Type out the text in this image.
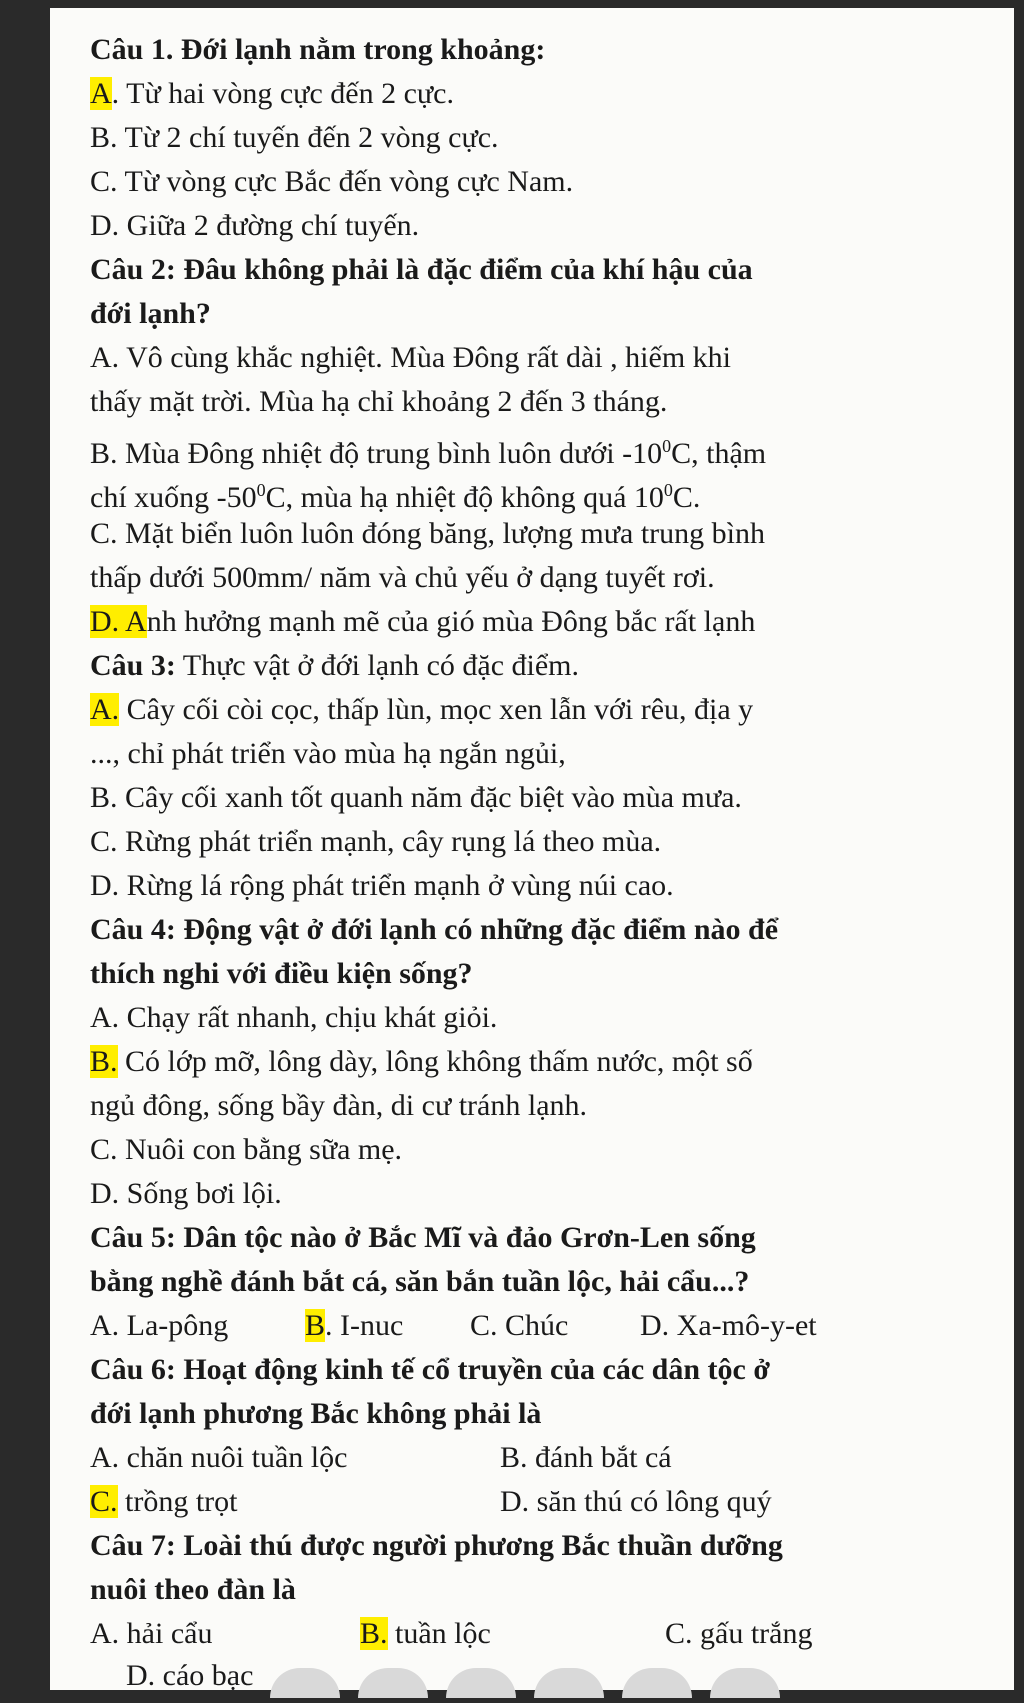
Câu 1. Đới lạnh nằm trong khoảng:
A. Từ hai vòng cực đến 2 cực.
B. Từ 2 chí tuyến đến 2 vòng cực.
C. Từ vòng cực Bắc đến vòng cực Nam.
D. Giữa 2 đường chí tuyến.
Câu 2: Đâu không phải là đặc điểm của khí hậu của
đới lạnh?
A. Vô cùng khắc nghiệt. Mùa Đông rất dài , hiếm khi
thấy mặt trời. Mùa hạ chỉ khoảng 2 đến 3 tháng.
B. Mùa Đông nhiệt độ trung bình luôn dưới $-10^0C$, thậm
chí xuống $-50^0C$, mùa hạ nhiệt độ không quá $10^0C$.
C. Mặt biển luôn luôn đóng băng, lượng mưa trung bình
thấp dưới 500mm/ năm và chủ yếu ở dạng tuyết rơi.
D. Anh hưởng mạnh mẽ của gió mùa Đông bắc rất lạnh
Câu 3: Thực vật ở đới lạnh có đặc điểm.
A. Cây cối còi cọc, thấp lùn, mọc xen lẫn với rêu, địa y
..., chỉ phát triển vào mùa hạ ngắn ngủi,
B. Cây cối xanh tốt quanh năm đặc biệt vào mùa mưa.
C. Rừng phát triển mạnh, cây rụng lá theo mùa.
D. Rừng lá rộng phát triển mạnh ở vùng núi cao.
Câu 4: Động vật ở đới lạnh có những đặc điểm nào để
thích nghi với điều kiện sống?
A. Chạy rất nhanh, chịu khát giỏi.
B. Có lớp mỡ, lông dày, lông không thấm nước, một số
ngủ đông, sống bầy đàn, di cư tránh lạnh.
C. Nuôi con bằng sữa mẹ.
D. Sống bơi lội.
Câu 5: Dân tộc nào ở Bắc Mĩ và đảo Grơn-Len sống
bằng nghề đánh bắt cá, săn bắn tuần lộc, hải cẩu...?
A. La-pông	B. I-nuc C. Chúc D. Xa-mô-y-et
Câu 6: Hoạt động kinh tế cổ truyền của các dân tộc ở
đới lạnh phương Bắc không phải là
A. chăn nuôi tuần lộc	B. đánh bắt cá
C. trồng trọt	D. săn thú có lông quý
Câu 7: Loài thú được người phương Bắc thuần dưỡng
nuôi theo đàn là
A. hải cẩu	B. tuần lộc	C. gấu trắng
D. cáo bạc
